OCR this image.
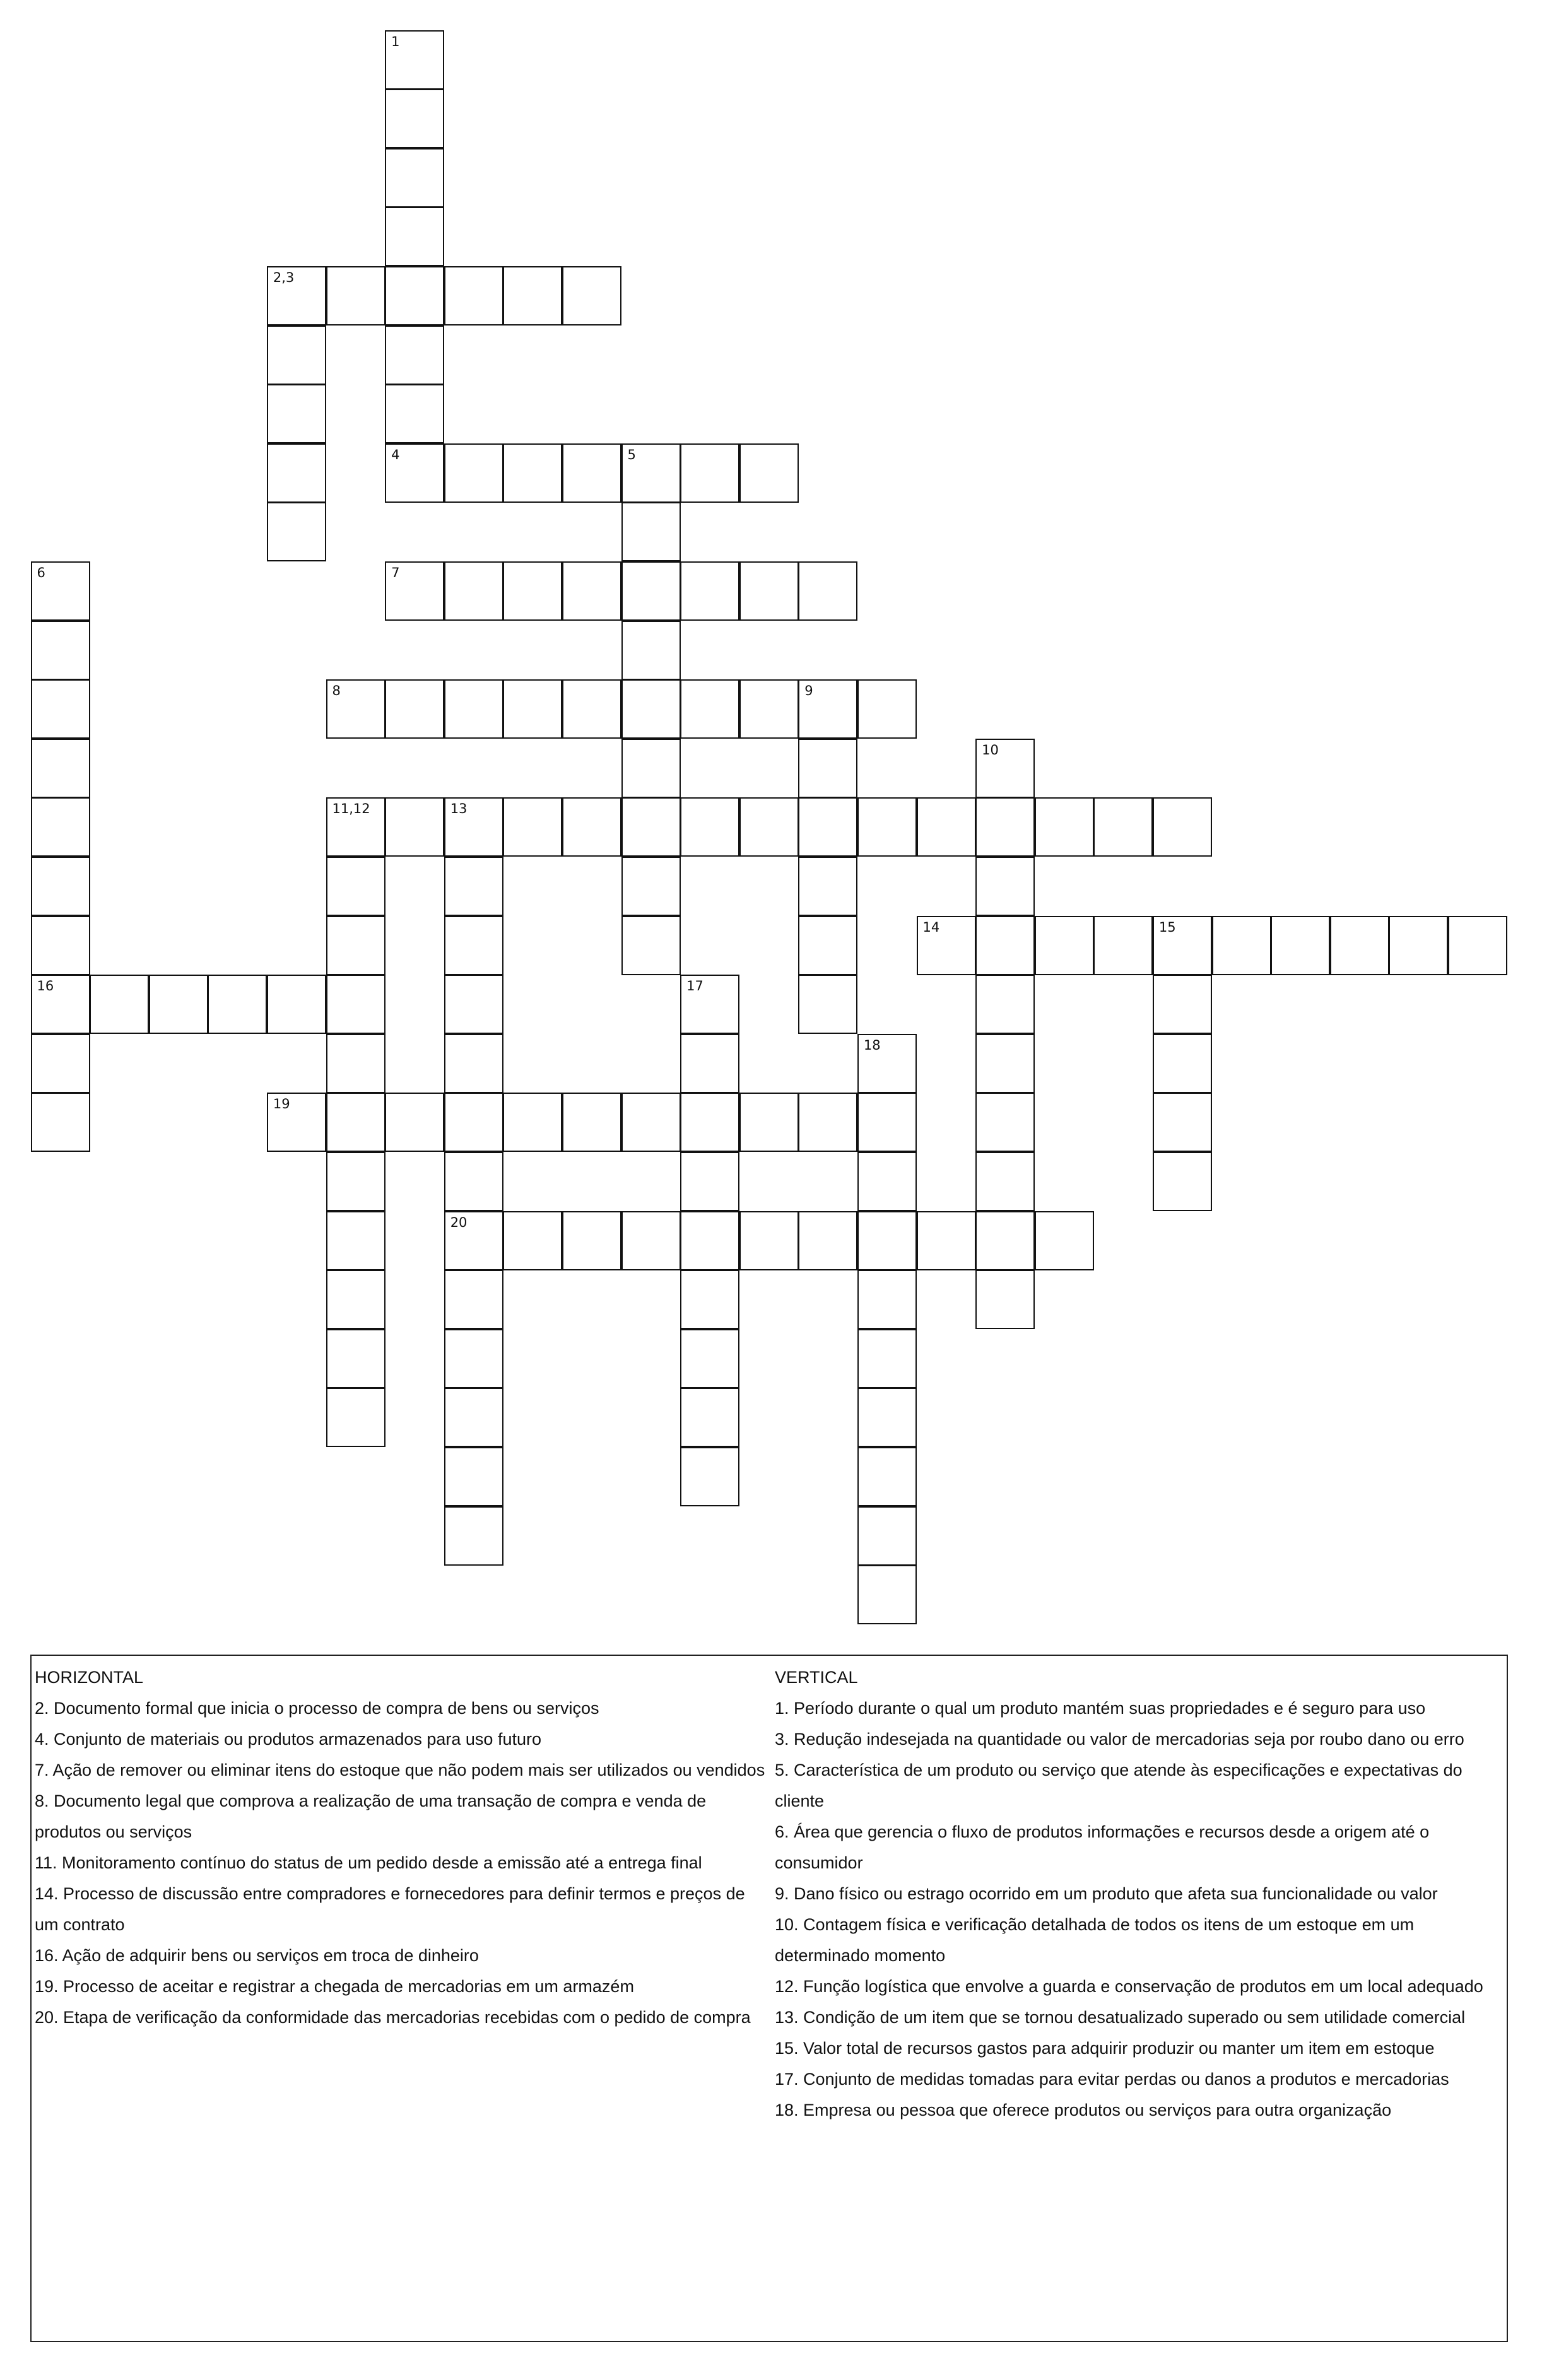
1
2,3
4	5
6
16
7
8	9
10
11,12	13
20
14	15
17
18
19

HORIZONTAL

2. Documento formal que inicia o processo de compra de bens ou serviços

4. Conjunto de materiais ou produtos armazenados para uso futuro

7. Ação de remover ou eliminar itens do estoque que não podem mais ser utilizados ou vendidos

8. Documento legal que comprova a realização de uma transação de compra e venda de produtos ou serviços

11. Monitoramento contínuo do status de um pedido desde a emissão até a entrega final

14. Processo de discussão entre compradores e fornecedores para definir termos e preços de um contrato

16. Ação de adquirir bens ou serviços em troca de dinheiro

19. Processo de aceitar e registrar a chegada de mercadorias em um armazém

20. Etapa de verificação da conformidade das mercadorias recebidas com o pedido de compra

VERTICAL

1. Período durante o qual um produto mantém suas propriedades e é seguro para uso

3. Redução indesejada na quantidade ou valor de mercadorias seja por roubo dano ou erro

5. Característica de um produto ou serviço que atende às especificações e expectativas do cliente

6. Área que gerencia o fluxo de produtos informações e recursos desde a origem até o consumidor

9. Dano físico ou estrago ocorrido em um produto que afeta sua funcionalidade ou valor

10. Contagem física e verificação detalhada de todos os itens de um estoque em um determinado momento

12. Função logística que envolve a guarda e conservação de produtos em um local adequado

13. Condição de um item que se tornou desatualizado superado ou sem utilidade comercial

15. Valor total de recursos gastos para adquirir produzir ou manter um item em estoque

17. Conjunto de medidas tomadas para evitar perdas ou danos a produtos e mercadorias

18. Empresa ou pessoa que oferece produtos ou serviços para outra organização
